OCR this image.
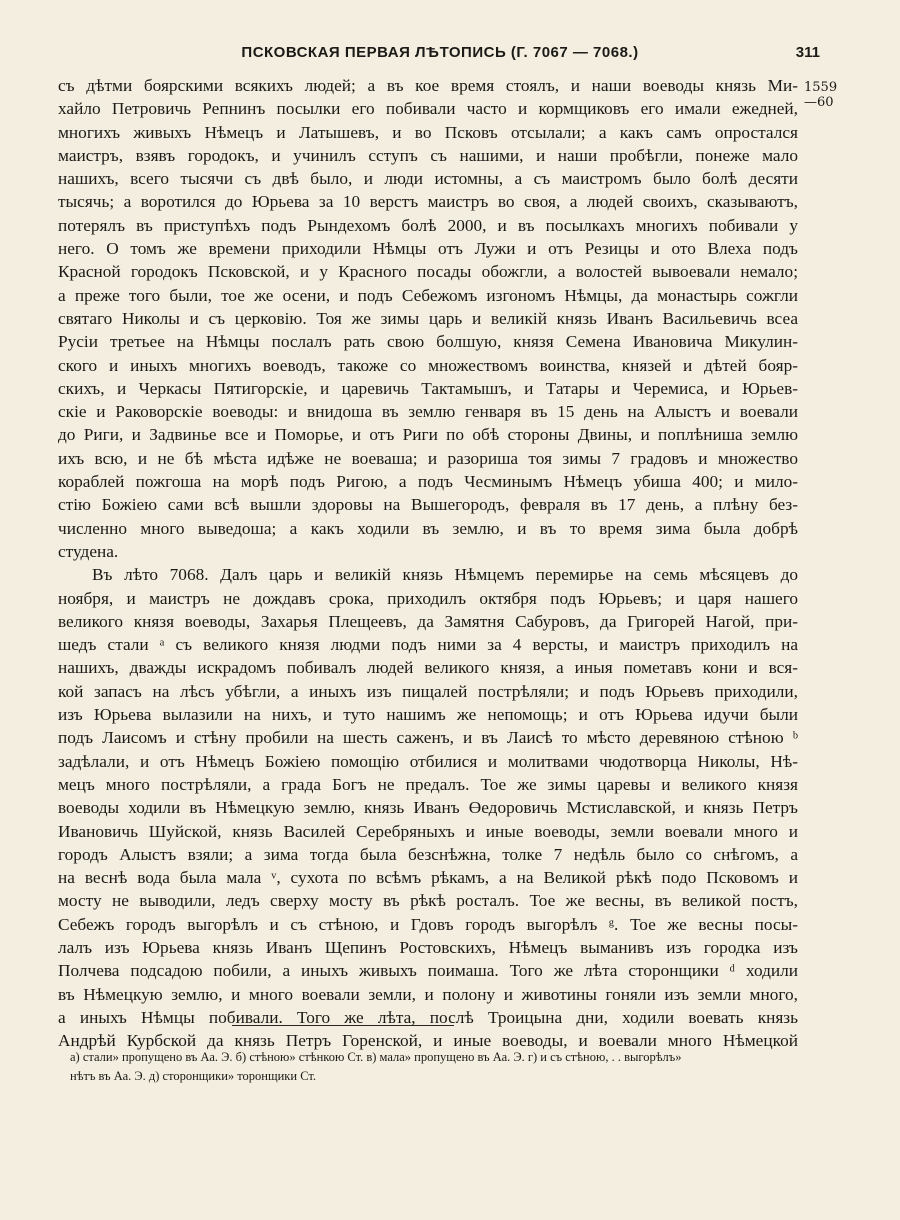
ПСКОВСКАЯ ПЕРВАЯ ЛѢТОПИСЬ (Г. 7067 — 7068.)	311
1559
—60
съ дѣтми боярскими всякихъ людей; а въ кое время стоялъ, и наши воеводы князь Ми-
хайло Петровичь Репнинъ посылки его побивали часто и кормщиковъ его имали ежедней,
многихъ живыхъ Нѣмецъ и Латышевъ, и во Псковъ отсылали; а какъ самъ опростался
маистръ, взявъ городокъ, и учинилъ сступъ съ нашими, и наши пробѣгли, понеже мало
нашихъ, всего тысячи съ двѣ было, и люди истомны, а съ маистромъ было болѣ десяти
тысячь; а воротился до Юрьева за 10 верстъ маистръ во своя, а людей своихъ, сказываютъ,
потерялъ въ приступѣхъ подъ Рындехомъ болѣ 2000, и въ посылкахъ многихъ побивали у
него. О томъ же времени приходили Нѣмцы отъ Лужи и отъ Резицы и ото Влеха подъ
Красной городокъ Псковской, и у Красного посады обожгли, а волостей вывоевали немало;
а преже того были, тое же осени, и подъ Себежомъ изгономъ Нѣмцы, да монастырь сожгли
святаго Николы и съ церковію. Тоя же зимы царь и великій князь Иванъ Васильевичь всеа
Русіи третьее на Нѣмцы послалъ рать свою болшую, князя Семена Ивановича Микулин-
ского и иныхъ многихъ воеводъ, такоже со множествомъ воинства, князей и дѣтей бояр-
скихъ, и Черкасы Пятигорскіе, и царевичь Тактамышъ, и Татары и Черемиса, и Юрьев-
скіе и Раковорскіе воеводы: и внидоша въ землю генваря въ 15 день на Алыстъ и воевали
до Риги, и Задвинье все и Поморье, и отъ Риги по обѣ стороны Двины, и поплѣниша землю
ихъ всю, и не бѣ мѣста идѣже не воеваша; и разориша тоя зимы 7 градовъ и множество
кораблей пожгоша на морѣ подъ Ригою, а подъ Чесминымъ Нѣмецъ убиша 400; и мило-
стію Божіею сами всѣ вышли здоровы на Вышегородъ, февраля въ 17 день, а плѣну без-
численно много выведоша; а какъ ходили въ землю, и въ то время зима была добрѣ
студена.
Въ лѣто 7068. Далъ царь и великій князь Нѣмцемъ перемирье на семь мѣсяцевъ до
ноября, и маистръ не дождавъ срока, приходилъ октября подъ Юрьевъ; и царя нашего
великого князя воеводы, Захарья Плещеевъ, да Замятня Сабуровъ, да Григорей Нагой, при-
шедъ стали ᵃ съ великого князя людми подъ ними за 4 версты, и маистръ приходилъ на
нашихъ, дважды искрадомъ побивалъ людей великого князя, а иныя пометавъ кони и вся-
кой запасъ на лѣсъ убѣгли, а иныхъ изъ пищалей пострѣляли; и подъ Юрьевъ приходили,
изъ Юрьева вылазили на нихъ, и туто нашимъ же непомощь; и отъ Юрьева идучи были
подъ Лаисомъ и стѣну пробили на шесть саженъ, и въ Лаисѣ то мѣсто деревяною стѣною ᵇ
задѣлали, и отъ Нѣмецъ Божіею помощію отбилися и молитвами чюдотворца Николы, Нѣ-
мецъ много пострѣляли, а града Богъ не предалъ. Тое же зимы царевы и великого князя
воеводы ходили въ Нѣмецкую землю, князь Иванъ Өедоровичь Мстиславской, и князь Петръ
Ивановичь Шуйской, князь Василей Серебряныхъ и иные воеводы, земли воевали много и
городъ Алыстъ взяли; а зима тогда была безснѣжна, толке 7 недѣль было со снѣгомъ, а
на веснѣ вода была мала ᵛ, сухота по всѣмъ рѣкамъ, а на Великой рѣкѣ подо Псковомъ и
мосту не выводили, ледъ сверху мосту въ рѣкѣ росталъ. Тое же весны, въ великой постъ,
Себежъ городъ выгорѣлъ и съ стѣною, и Гдовъ городъ выгорѣлъ ᵍ. Тое же весны посы-
лалъ изъ Юрьева князь Иванъ Щепинъ Ростовскихъ, Нѣмецъ выманивъ изъ городка изъ
Полчева подсадою побили, а иныхъ живыхъ поимаша. Того же лѣта сторонщики ᵈ ходили
въ Нѣмецкую землю, и много воевали земли, и полону и животины гоняли изъ земли много,
а иныхъ Нѣмцы побивали. Того же лѣта, послѣ Троицына дни, ходили воевать князь
Андрѣй Курбской да князь Петръ Горенской, и иные воеводы, и воевали много Нѣмецкой
а) стали» пропущено въ Аа. Э. б) стѣною» стѣнкою Ст. в) мала» пропущено въ Аа. Э. г) и съ стѣною, . . выгорѣлъ»
нѣтъ въ Аа. Э. д) сторонщики» торонщики Ст.
